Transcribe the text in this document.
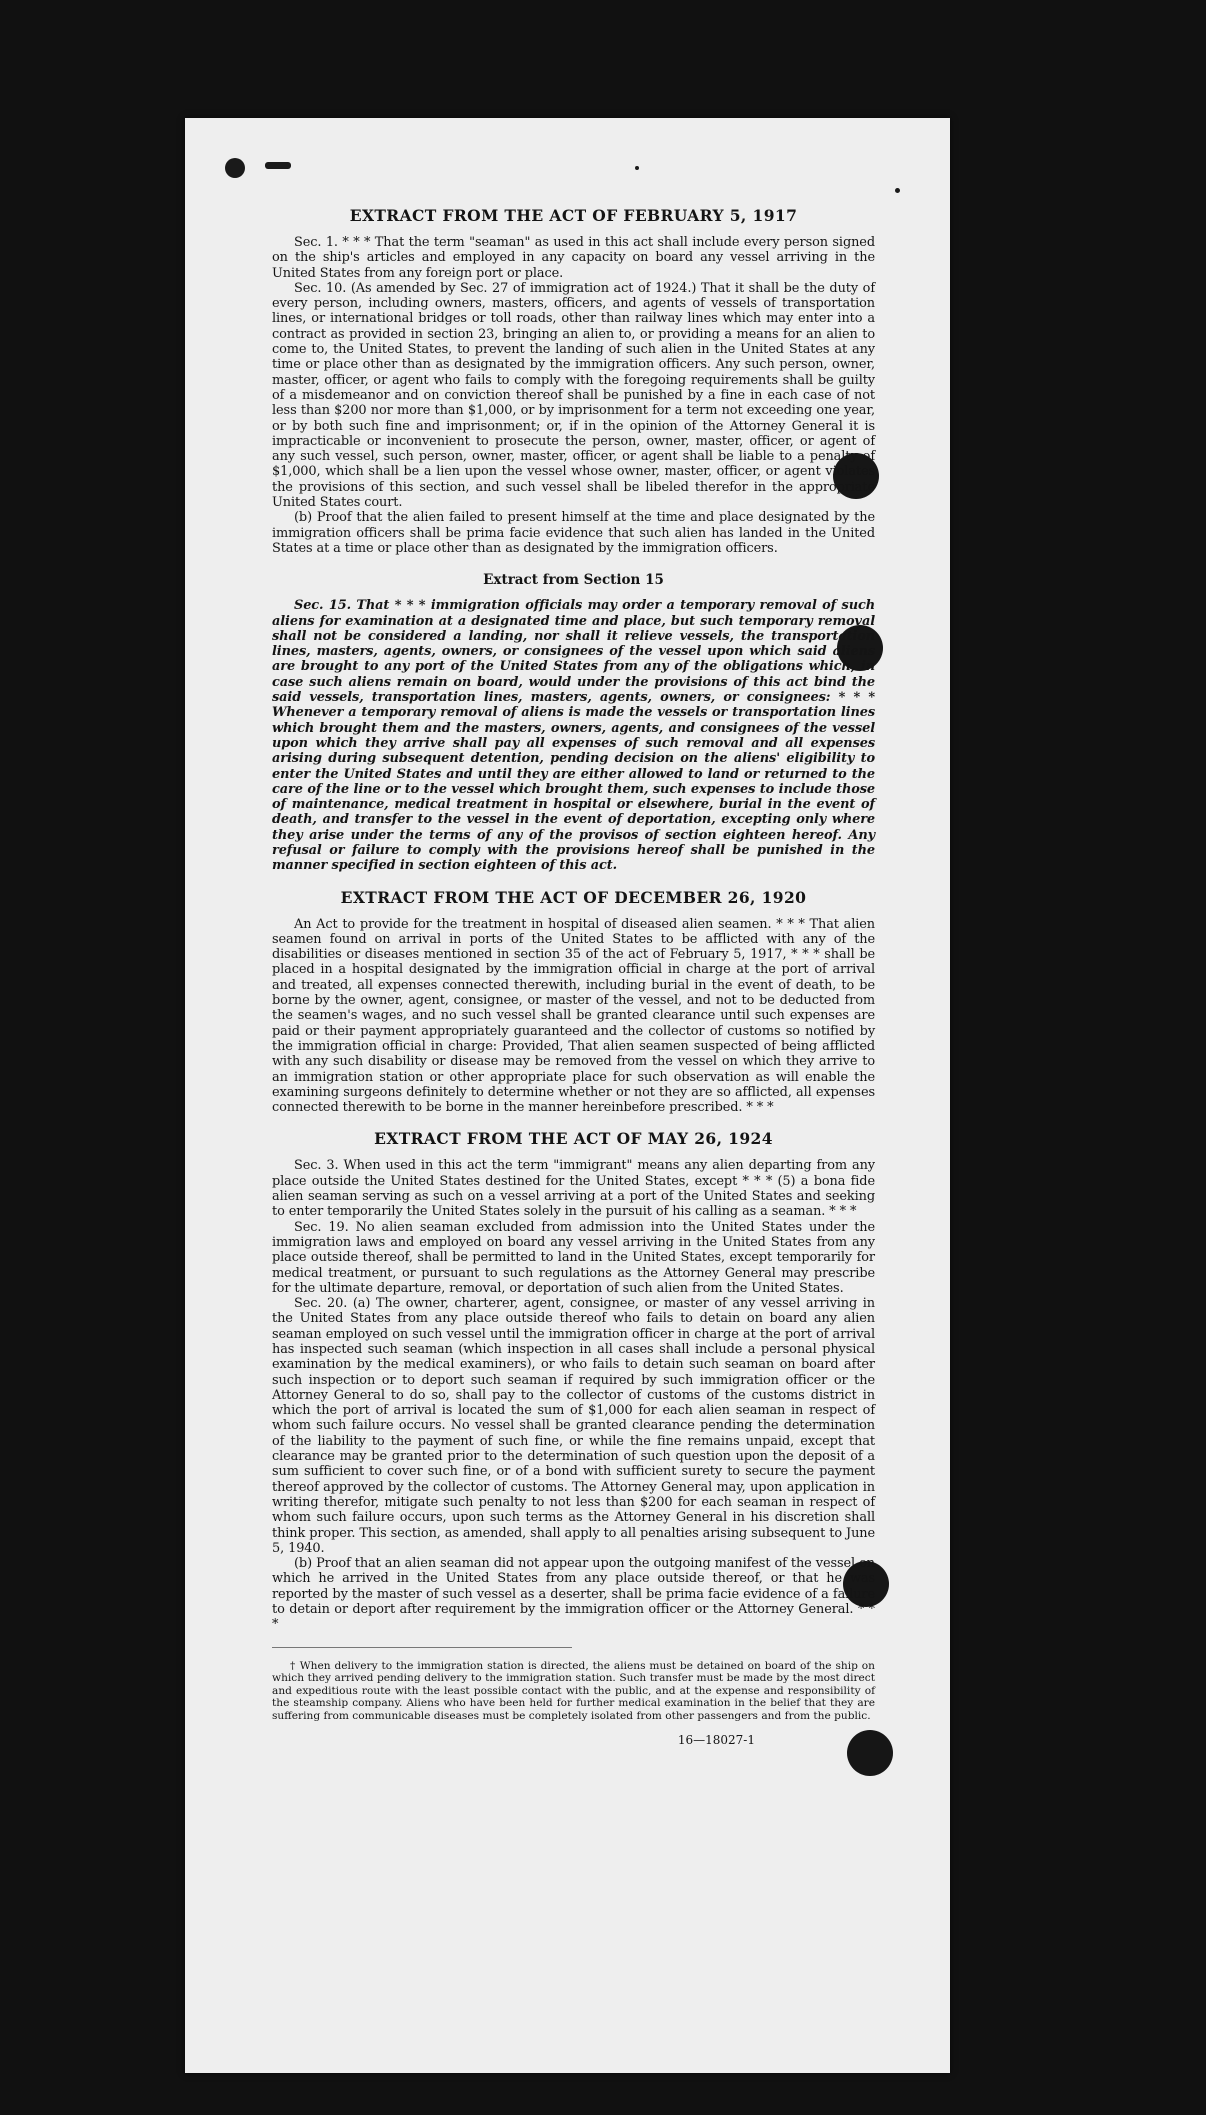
EXTRACT FROM THE ACT OF FEBRUARY 5, 1917

Sec. 1. * * * That the term "seaman" as used in this act shall include every person signed on the ship's articles and employed in any capacity on board any vessel arriving in the United States from any foreign port or place.

Sec. 10. (As amended by Sec. 27 of immigration act of 1924.) That it shall be the duty of every person, including owners, masters, officers, and agents of vessels of transportation lines, or international bridges or toll roads, other than railway lines which may enter into a contract as provided in section 23, bringing an alien to, or providing a means for an alien to come to, the United States, to prevent the landing of such alien in the United States at any time or place other than as designated by the immigration officers. Any such person, owner, master, officer, or agent who fails to comply with the foregoing requirements shall be guilty of a misdemeanor and on conviction thereof shall be punished by a fine in each case of not less than $200 nor more than $1,000, or by imprisonment for a term not exceeding one year, or by both such fine and imprisonment; or, if in the opinion of the Attorney General it is impracticable or inconvenient to prosecute the person, owner, master, officer, or agent of any such vessel, such person, owner, master, officer, or agent shall be liable to a penalty of $1,000, which shall be a lien upon the vessel whose owner, master, officer, or agent violates the provisions of this section, and such vessel shall be libeled therefor in the appropriate United States court.

(b) Proof that the alien failed to present himself at the time and place designated by the immigration officers shall be prima facie evidence that such alien has landed in the United States at a time or place other than as designated by the immigration officers.

Extract from Section 15

Sec. 15. That * * * immigration officials may order a temporary removal of such aliens for examination at a designated time and place, but such temporary removal shall not be considered a landing, nor shall it relieve vessels, the transportation lines, masters, agents, owners, or consignees of the vessel upon which said aliens are brought to any port of the United States from any of the obligations which, in case such aliens remain on board, would under the provisions of this act bind the said vessels, transportation lines, masters, agents, owners, or consignees: * * * Whenever a temporary removal of aliens is made the vessels or transportation lines which brought them and the masters, owners, agents, and consignees of the vessel upon which they arrive shall pay all expenses of such removal and all expenses arising during subsequent detention, pending decision on the aliens' eligibility to enter the United States and until they are either allowed to land or returned to the care of the line or to the vessel which brought them, such expenses to include those of maintenance, medical treatment in hospital or elsewhere, burial in the event of death, and transfer to the vessel in the event of deportation, excepting only where they arise under the terms of any of the provisos of section eighteen hereof. Any refusal or failure to comply with the provisions hereof shall be punished in the manner specified in section eighteen of this act.

EXTRACT FROM THE ACT OF DECEMBER 26, 1920

An Act to provide for the treatment in hospital of diseased alien seamen. * * * That alien seamen found on arrival in ports of the United States to be afflicted with any of the disabilities or diseases mentioned in section 35 of the act of February 5, 1917, * * * shall be placed in a hospital designated by the immigration official in charge at the port of arrival and treated, all expenses connected therewith, including burial in the event of death, to be borne by the owner, agent, consignee, or master of the vessel, and not to be deducted from the seamen's wages, and no such vessel shall be granted clearance until such expenses are paid or their payment appropriately guaranteed and the collector of customs so notified by the immigration official in charge: Provided, That alien seamen suspected of being afflicted with any such disability or disease may be removed from the vessel on which they arrive to an immigration station or other appropriate place for such observation as will enable the examining surgeons definitely to determine whether or not they are so afflicted, all expenses connected therewith to be borne in the manner hereinbefore prescribed. * * *

EXTRACT FROM THE ACT OF MAY 26, 1924

Sec. 3. When used in this act the term "immigrant" means any alien departing from any place outside the United States destined for the United States, except * * * (5) a bona fide alien seaman serving as such on a vessel arriving at a port of the United States and seeking to enter temporarily the United States solely in the pursuit of his calling as a seaman. * * *

Sec. 19. No alien seaman excluded from admission into the United States under the immigration laws and employed on board any vessel arriving in the United States from any place outside thereof, shall be permitted to land in the United States, except temporarily for medical treatment, or pursuant to such regulations as the Attorney General may prescribe for the ultimate departure, removal, or deportation of such alien from the United States.

Sec. 20. (a) The owner, charterer, agent, consignee, or master of any vessel arriving in the United States from any place outside thereof who fails to detain on board any alien seaman employed on such vessel until the immigration officer in charge at the port of arrival has inspected such seaman (which inspection in all cases shall include a personal physical examination by the medical examiners), or who fails to detain such seaman on board after such inspection or to deport such seaman if required by such immigration officer or the Attorney General to do so, shall pay to the collector of customs of the customs district in which the port of arrival is located the sum of $1,000 for each alien seaman in respect of whom such failure occurs. No vessel shall be granted clearance pending the determination of the liability to the payment of such fine, or while the fine remains unpaid, except that clearance may be granted prior to the determination of such question upon the deposit of a sum sufficient to cover such fine, or of a bond with sufficient surety to secure the payment thereof approved by the collector of customs. The Attorney General may, upon application in writing therefor, mitigate such penalty to not less than $200 for each seaman in respect of whom such failure occurs, upon such terms as the Attorney General in his discretion shall think proper. This section, as amended, shall apply to all penalties arising subsequent to June 5, 1940.

(b) Proof that an alien seaman did not appear upon the outgoing manifest of the vessel on which he arrived in the United States from any place outside thereof, or that he was reported by the master of such vessel as a deserter, shall be prima facie evidence of a failure to detain or deport after requirement by the immigration officer or the Attorney General. * * *

† When delivery to the immigration station is directed, the aliens must be detained on board of the ship on which they arrived pending delivery to the immigration station. Such transfer must be made by the most direct and expeditious route with the least possible contact with the public, and at the expense and responsibility of the steamship company. Aliens who have been held for further medical examination in the belief that they are suffering from communicable diseases must be completely isolated from other passengers and from the public.
16—18027-1
